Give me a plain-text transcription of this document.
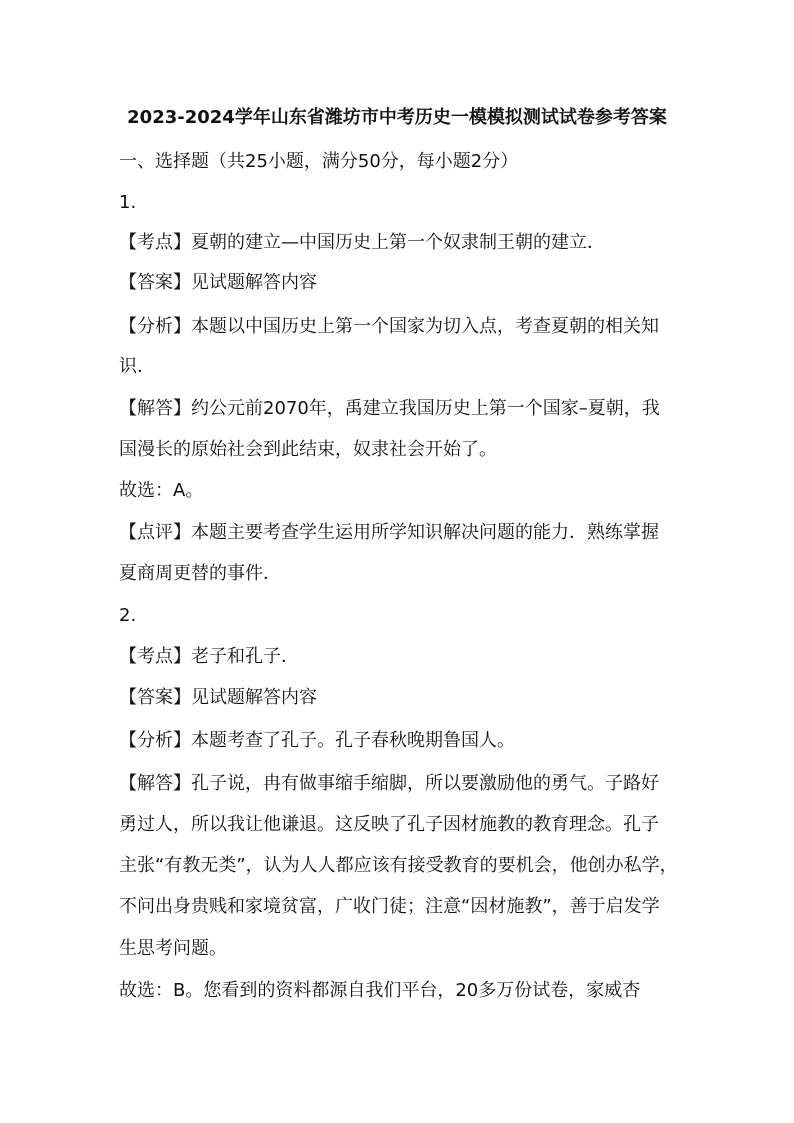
2023-2024学年山东省潍坊市中考历史一模模拟测试试卷参考答案
一、选择题（共25小题，满分50分，每小题2分）
1.
【考点】夏朝的建立—中国历史上第一个奴隶制王朝的建立．
【答案】见试题解答内容
【分析】本题以中国历史上第一个国家为切入点，考查夏朝的相关知
识．
【解答】约公元前2070年，禹建立我国历史上第一个国家–夏朝，我
国漫长的原始社会到此结束，奴隶社会开始了。
故选：A。
【点评】本题主要考查学生运用所学知识解决问题的能力．熟练掌握
夏商周更替的事件．
2.
【考点】老子和孔子．
【答案】见试题解答内容
【分析】本题考查了孔子。孔子春秋晚期鲁国人。
【解答】孔子说，冉有做事缩手缩脚，所以要激励他的勇气。子路好
勇过人，所以我让他谦退。这反映了孔子因材施教的教育理念。孔子
主张“有教无类”，认为人人都应该有接受教育的要机会，他创办私学，
不问出身贵贱和家境贫富，广收门徒；注意“因材施教”，善于启发学
生思考问题。
故选：B。您看到的资料都源自我们平台，20多万份试卷，家威杏
